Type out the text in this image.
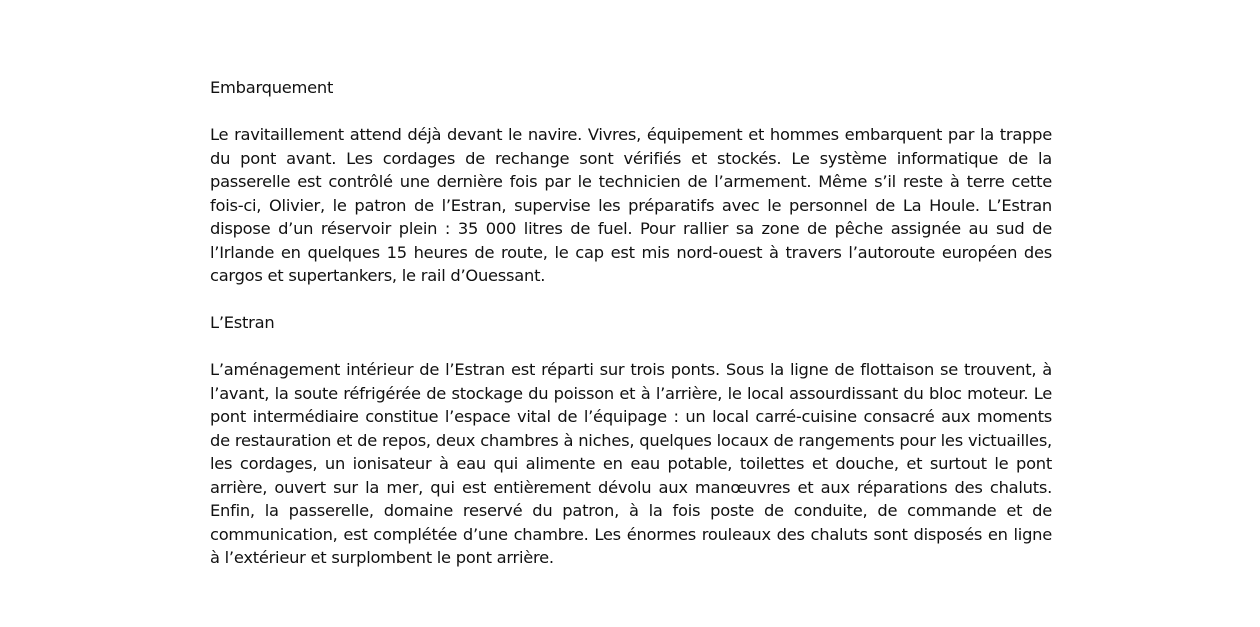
Embarquement

Le ravitaillement attend déjà devant le navire. Vivres, équipement et hommes embarquent par la trappe du pont avant. Les cordages de rechange sont vérifiés et stockés. Le système informatique de la passerelle est contrôlé une dernière fois par le technicien de l’armement. Même s’il reste à terre cette fois-ci, Olivier, le patron de l’Estran, supervise les préparatifs avec le personnel de La Houle. L’Estran dispose d’un réservoir plein : 35 000 litres de fuel. Pour rallier sa zone de pêche assignée au sud de l’Irlande en quelques 15 heures de route, le cap est mis nord-ouest à travers l’autoroute européen des cargos et supertankers, le rail d’Ouessant.

L’Estran

L’aménagement intérieur de l’Estran est réparti sur trois ponts. Sous la ligne de flottaison se trouvent, à l’avant, la soute réfrigérée de stockage du poisson et à l’arrière, le local assourdissant du bloc moteur. Le pont intermédiaire constitue l’espace vital de l’équipage : un local carré-cuisine consacré aux moments de restauration et de repos, deux chambres à niches, quelques locaux de rangements pour les victuailles, les cordages, un ionisateur à eau qui alimente en eau potable, toilettes et douche, et surtout le pont arrière, ouvert sur la mer, qui est entièrement dévolu aux manœuvres et aux réparations des chaluts. Enfin, la passerelle, domaine reservé du patron, à la fois poste de conduite, de commande et de communication, est complétée d’une chambre. Les énormes rouleaux des chaluts sont disposés en ligne à l’extérieur et surplombent le pont arrière.
